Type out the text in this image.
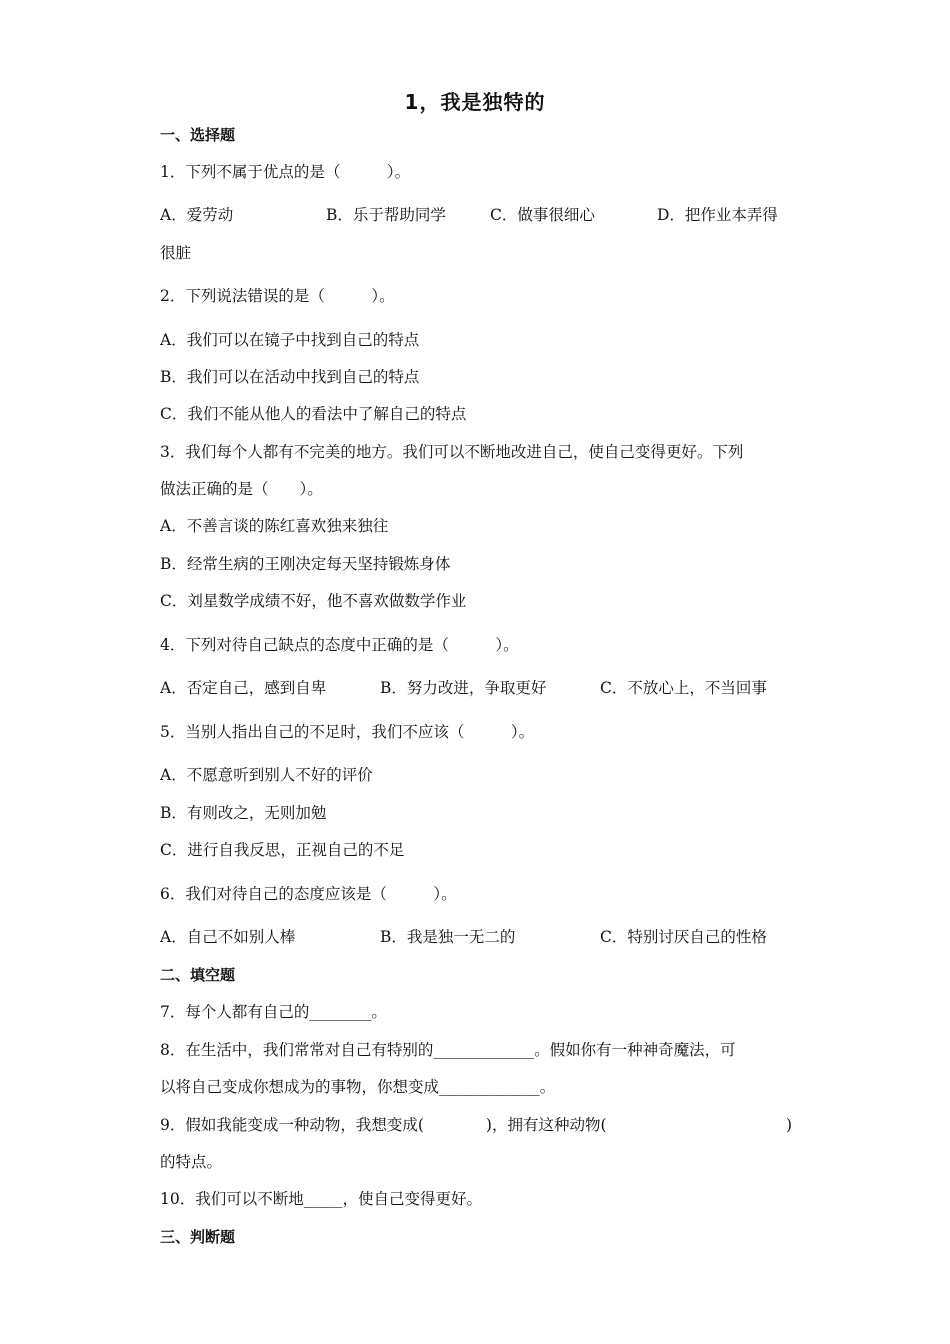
1，我是独特的
一、选择题
1．下列不属于优点的是（　　　）。
A．爱劳动	B．乐于帮助同学	C．做事很细心	D．把作业本弄得
很脏
2．下列说法错误的是（　　　）。
A．我们可以在镜子中找到自己的特点
B．我们可以在活动中找到自己的特点
C．我们不能从他人的看法中了解自己的特点
3．我们每个人都有不完美的地方。我们可以不断地改进自己，使自己变得更好。下列
做法正确的是（　　）。
A．不善言谈的陈红喜欢独来独往
B．经常生病的王刚决定每天坚持锻炼身体
C．刘星数学成绩不好，他不喜欢做数学作业
4．下列对待自己缺点的态度中正确的是（　　　）。
A．否定自己，感到自卑	B．努力改进，争取更好	C．不放心上，不当回事
5．当别人指出自己的不足时，我们不应该（　　　）。
A．不愿意听到别人不好的评价
B．有则改之，无则加勉
C．进行自我反思，正视自己的不足
6．我们对待自己的态度应该是（　　　）。
A．自己不如别人棒	B．我是独一无二的	C．特别讨厌自己的性格
二、填空题
7．每个人都有自己的________。
8．在生活中，我们常常对自己有特别的_____________。假如你有一种神奇魔法，可
以将自己变成你想成为的事物，你想变成_____________。
9．假如我能变成一种动物，我想变成(　　　　)，拥有这种动物(	)
的特点。
10．我们可以不断地_____，使自己变得更好。
三、判断题
